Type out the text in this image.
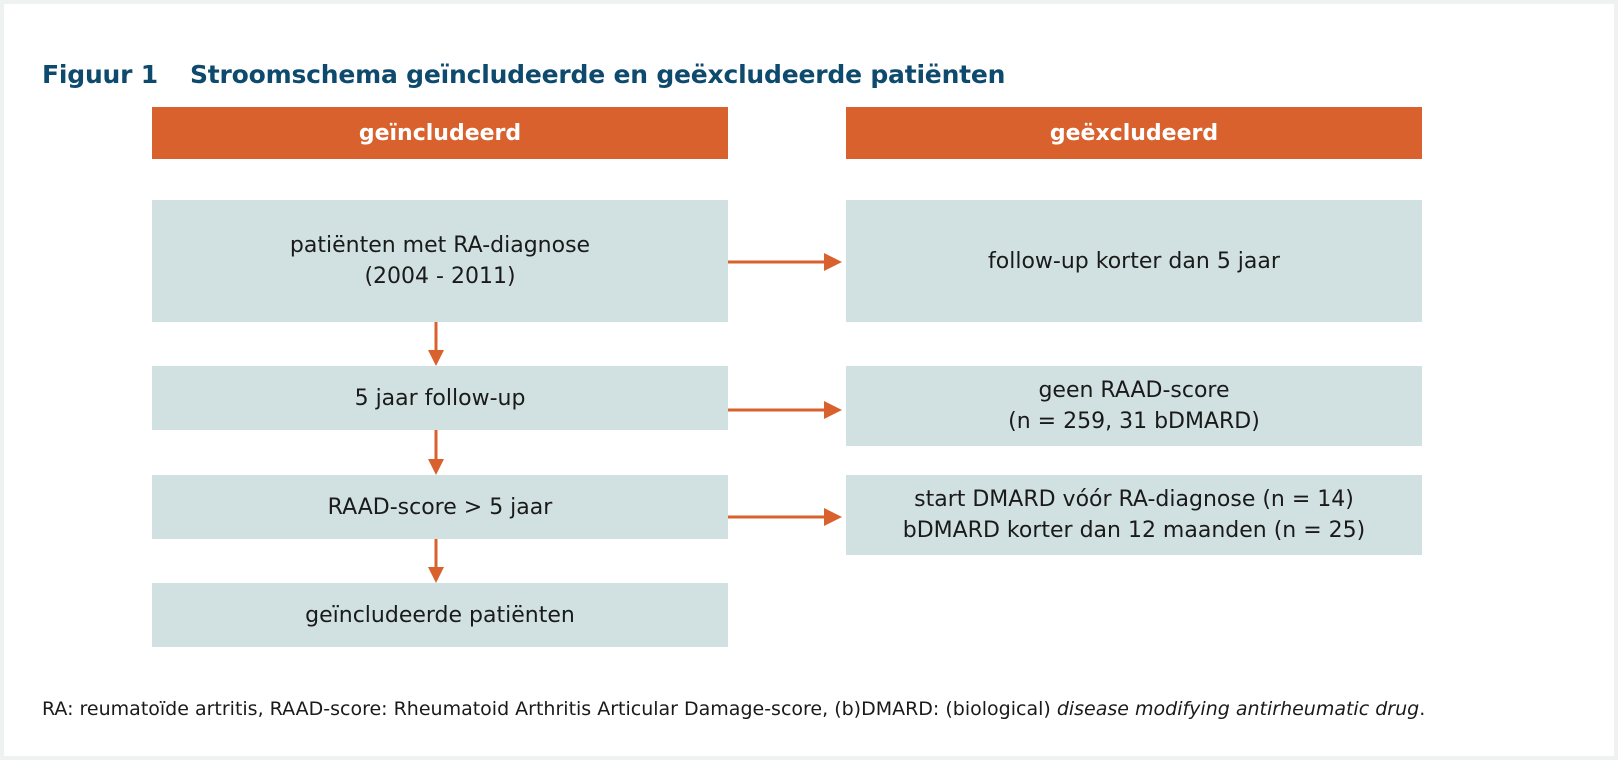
Figuur 1 Stroomschema geïncludeerde en geëxcludeerde patiënten
geïncludeerd	geëxcludeerd
patiënten met RA-diagnose
(2004 - 2011)
5 jaar follow-up
RAAD-score > 5 jaar
geïncludeerde patiënten
follow-up korter dan 5 jaar
geen RAAD-score
(n = 259, 31 bDMARD)
start DMARD vóór RA-diagnose (n = 14)
bDMARD korter dan 12 maanden (n = 25)
RA: reumatoïde artritis, RAAD-score: Rheumatoid Arthritis Articular Damage-score, (b)DMARD: (biological) disease modifying antirheumatic drug.
